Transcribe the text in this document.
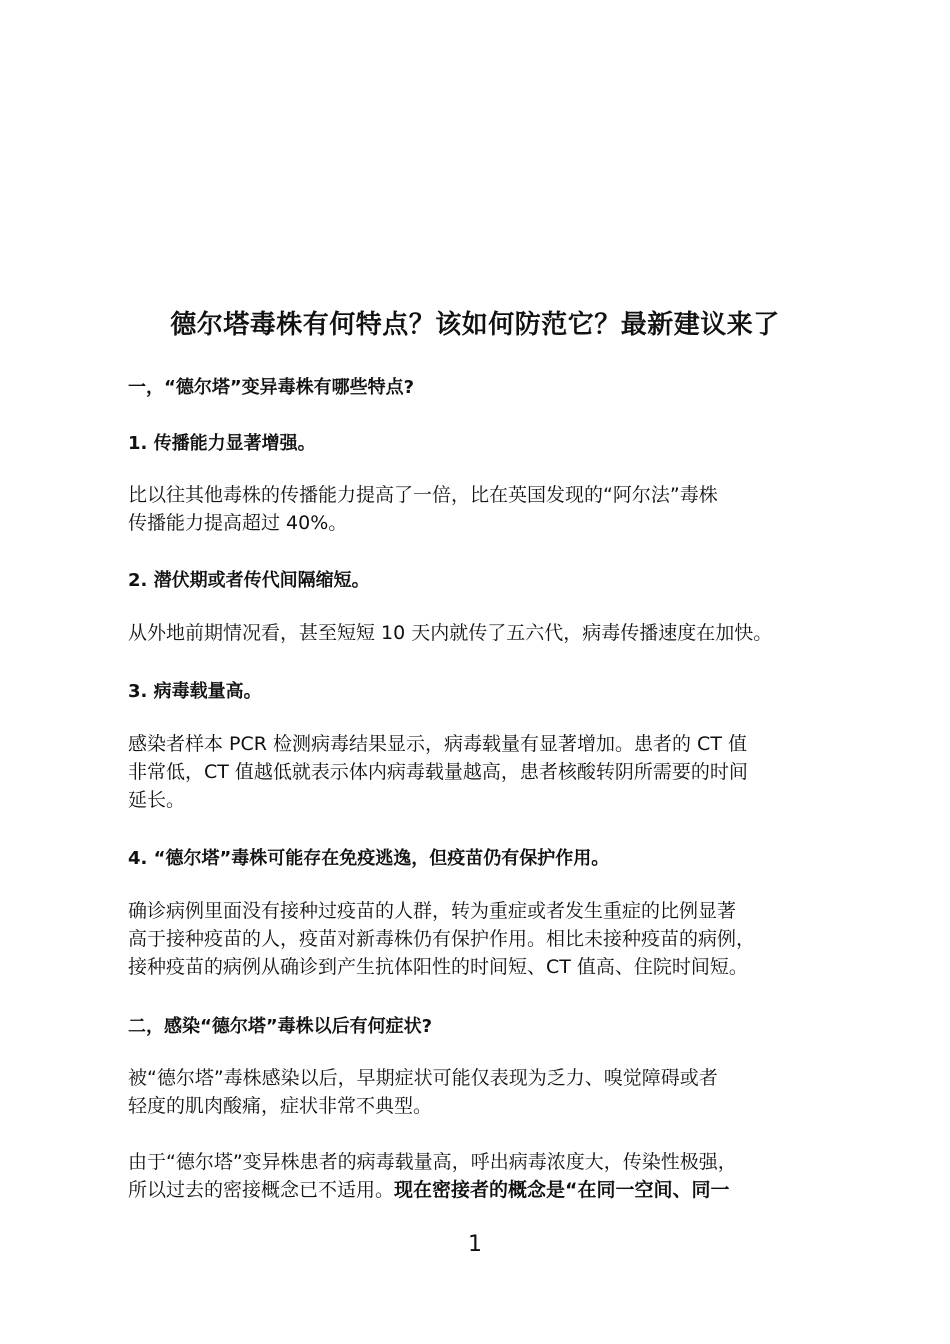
德尔塔毒株有何特点？该如何防范它？最新建议来了
一，“德尔塔”变异毒株有哪些特点?
1. 传播能力显著增强。
比以往其他毒株的传播能力提高了一倍，比在英国发现的“阿尔法”毒株
传播能力提高超过 40%。
2. 潜伏期或者传代间隔缩短。
从外地前期情况看，甚至短短 10 天内就传了五六代，病毒传播速度在加快。
3. 病毒载量高。
感染者样本 PCR 检测病毒结果显示，病毒载量有显著增加。患者的 CT 值
非常低，CT 值越低就表示体内病毒载量越高，患者核酸转阴所需要的时间
延长。
4. “德尔塔”毒株可能存在免疫逃逸，但疫苗仍有保护作用。
确诊病例里面没有接种过疫苗的人群，转为重症或者发生重症的比例显著
高于接种疫苗的人，疫苗对新毒株仍有保护作用。相比未接种疫苗的病例，
接种疫苗的病例从确诊到产生抗体阳性的时间短、CT 值高、住院时间短。
二，感染“德尔塔”毒株以后有何症状?
被“德尔塔”毒株感染以后，早期症状可能仅表现为乏力、嗅觉障碍或者
轻度的肌肉酸痛，症状非常不典型。
由于“德尔塔”变异株患者的病毒载量高，呼出病毒浓度大，传染性极强，
所以过去的密接概念已不适用。现在密接者的概念是“在同一空间、同一
1
